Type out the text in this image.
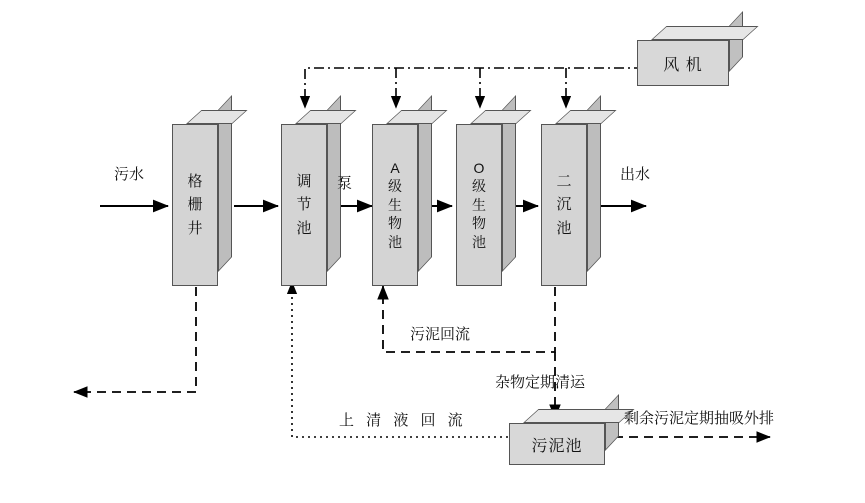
格
栅
井
调
节
池
A
级
生
物
池
O
级
生
物
池
二
沉
池
风 机
污泥池
污水
泵
出水
污泥回流
上 清 液 回 流
杂物定期清运
剩余污泥定期抽吸外排
